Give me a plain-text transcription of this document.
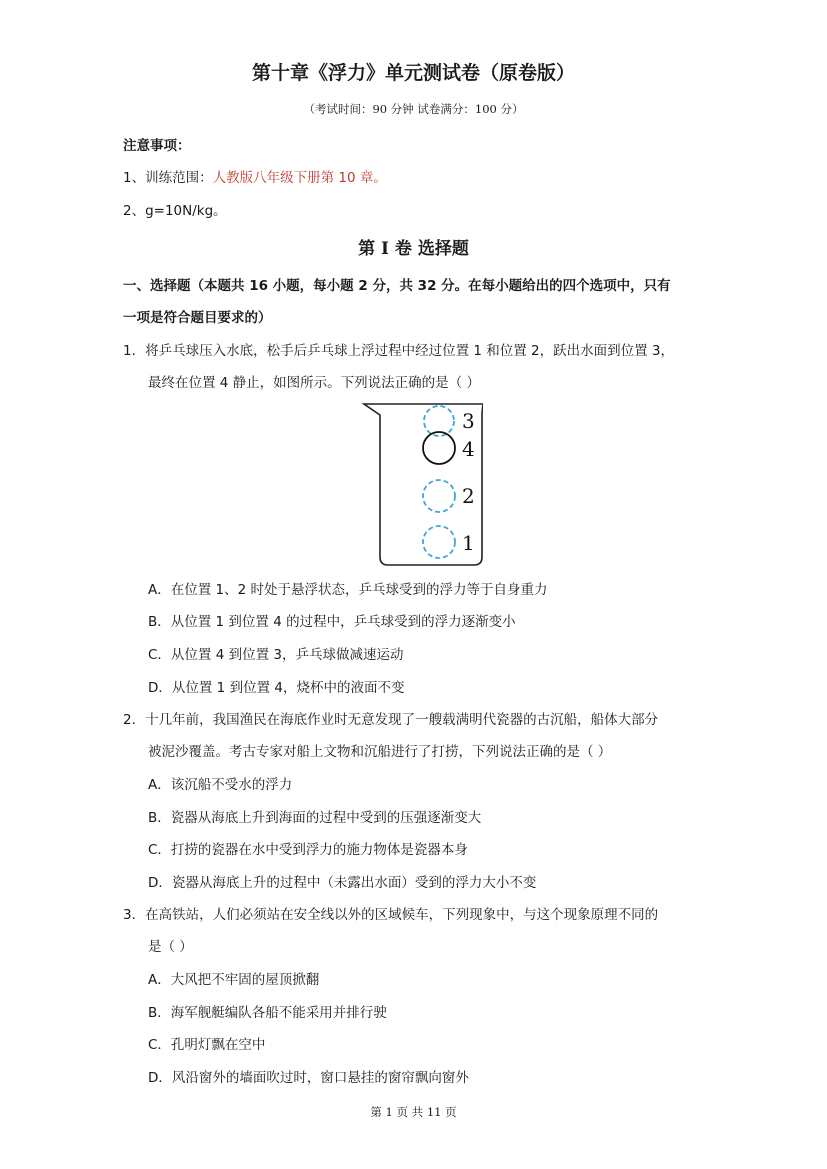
第十章《浮力》单元测试卷（原卷版）
（考试时间：90 分钟 试卷满分：100 分）
注意事项：
1、训练范围：人教版八年级下册第 10 章。
2、g=10N/kg。
第 I 卷 选择题
一、选择题（本题共 16 小题，每小题 2 分，共 32 分。在每小题给出的四个选项中，只有
一项是符合题目要求的）
1．将乒乓球压入水底，松手后乒乓球上浮过程中经过位置 1 和位置 2，跃出水面到位置 3，
最终在位置 4 静止，如图所示。下列说法正确的是（ ）
3
4
2
1
A．在位置 1、2 时处于悬浮状态，乒乓球受到的浮力等于自身重力
B．从位置 1 到位置 4 的过程中，乒乓球受到的浮力逐渐变小
C．从位置 4 到位置 3，乒乓球做减速运动
D．从位置 1 到位置 4，烧杯中的液面不变
2．十几年前，我国渔民在海底作业时无意发现了一艘载满明代瓷器的古沉船，船体大部分
被泥沙覆盖。考古专家对船上文物和沉船进行了打捞，下列说法正确的是（ ）
A．该沉船不受水的浮力
B．瓷器从海底上升到海面的过程中受到的压强逐渐变大
C．打捞的瓷器在水中受到浮力的施力物体是瓷器本身
D．瓷器从海底上升的过程中（未露出水面）受到的浮力大小不变
3．在高铁站，人们必须站在安全线以外的区域候车，下列现象中，与这个现象原理不同的
是（ ）
A．大风把不牢固的屋顶掀翻
B．海军舰艇编队各船不能采用并排行驶
C．孔明灯飘在空中
D．风沿窗外的墙面吹过时，窗口悬挂的窗帘飘向窗外
第 1 页 共 11 页
